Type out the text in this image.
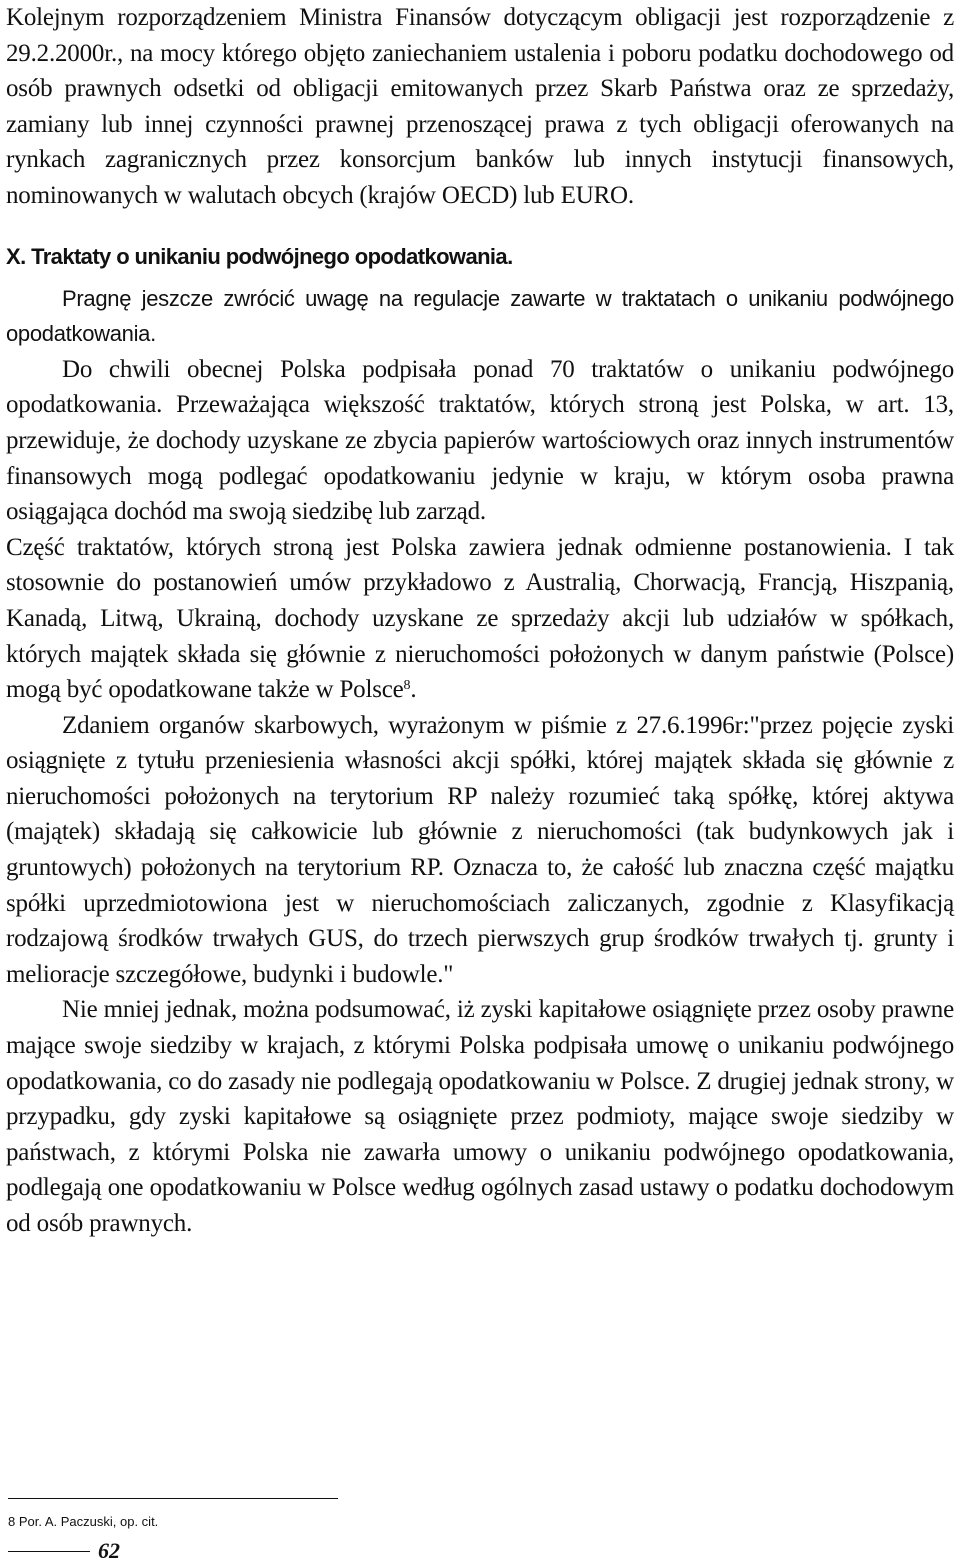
Kolejnym rozporządzeniem Ministra Finansów dotyczącym obligacji jest rozporządzenie z 29.2.2000r., na mocy którego objęto zaniechaniem ustalenia i poboru podatku dochodowego od osób prawnych odsetki od obligacji emitowanych przez Skarb Państwa oraz ze sprzedaży, zamiany lub innej czynności prawnej przenoszącej prawa z tych obligacji oferowanych na rynkach zagranicznych przez konsorcjum banków lub innych instytucji finansowych, nominowanych w walutach obcych (krajów OECD) lub EURO.

X. Traktaty o unikaniu podwójnego opodatkowania.

Pragnę jeszcze zwrócić uwagę na regulacje zawarte w traktatach o unikaniu podwójnego opodatkowania.

Do chwili obecnej Polska podpisała ponad 70 traktatów o unikaniu podwójnego opodatkowania. Przeważająca większość traktatów, których stroną jest Polska, w art. 13, przewiduje, że dochody uzyskane ze zbycia papierów wartościowych oraz innych instrumentów finansowych mogą podlegać opodatkowaniu jedynie w kraju, w którym osoba prawna osiągająca dochód ma swoją siedzibę lub zarząd.

Część traktatów, których stroną jest Polska zawiera jednak odmienne postanowienia. I tak stosownie do postanowień umów przykładowo z Australią, Chorwacją, Francją, Hiszpanią, Kanadą, Litwą, Ukrainą, dochody uzyskane ze sprzedaży akcji lub udziałów w spółkach, których majątek składa się głównie z nieruchomości położonych w danym państwie (Polsce) mogą być opodatkowane także w Polsce$^8$.

Zdaniem organów skarbowych, wyrażonym w piśmie z 27.6.1996r:"przez pojęcie zyski osiągnięte z tytułu przeniesienia własności akcji spółki, której majątek składa się głównie z nieruchomości położonych na terytorium RP należy rozumieć taką spółkę, której aktywa (majątek) składają się całkowicie lub głównie z nieruchomości (tak budynkowych jak i gruntowych) położonych na terytorium RP. Oznacza to, że całość lub znaczna część majątku spółki uprzedmiotowiona jest w nieruchomościach zaliczanych, zgodnie z Klasyfikacją rodzajową środków trwałych GUS, do trzech pierwszych grup środków trwałych tj. grunty i melioracje szczegółowe, budynki i budowle."

Nie mniej jednak, można podsumować, iż zyski kapitałowe osiągnięte przez osoby prawne mające swoje siedziby w krajach, z którymi Polska podpisała umowę o unikaniu podwójnego opodatkowania, co do zasady nie podlegają opodatkowaniu w Polsce. Z drugiej jednak strony, w przypadku, gdy zyski kapitałowe są osiągnięte przez podmioty, mające swoje siedziby w państwach, z którymi Polska nie zawarła umowy o unikaniu podwójnego opodatkowania, podlegają one opodatkowaniu w Polsce według ogólnych zasad ustawy o podatku dochodowym od osób prawnych.

8 Por. A. Paczuski, op. cit.

62
